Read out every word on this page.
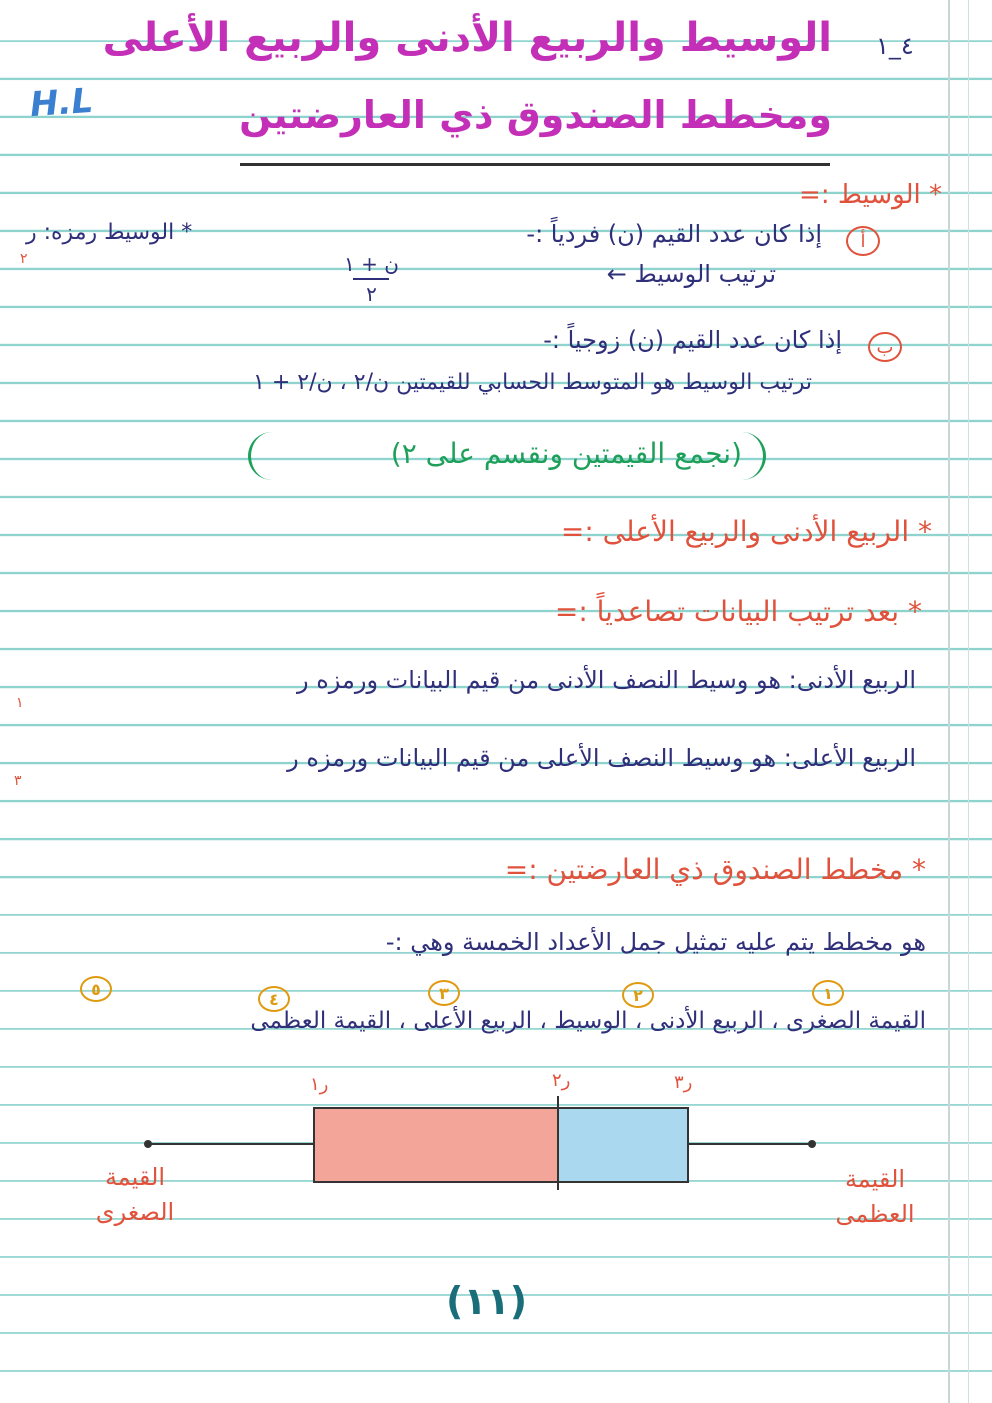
٤_١
H.L
الوسيط والربيع الأدنى والربيع الأعلى
ومخطط الصندوق ذي العارضتين
* الوسيط :=
* الوسيط رمزه: ر
٢
أ
إذا كان عدد القيم (ن) فردياً :-
ترتيب الوسيط ←
ن + ١
٢
ب
إذا كان عدد القيم (ن) زوجياً :-
ترتيب الوسيط هو المتوسط الحسابي للقيمتين ن/٢ ، ن/٢ + ١
(نجمع القيمتين ونقسم على ٢)
* الربيع الأدنى والربيع الأعلى :=
* بعد ترتيب البيانات تصاعدياً :=
الربيع الأدنى: هو وسيط النصف الأدنى من قيم البيانات ورمزه ر
١
الربيع الأعلى: هو وسيط النصف الأعلى من قيم البيانات ورمزه ر
٣
* مخطط الصندوق ذي العارضتين :=
هو مخطط يتم عليه تمثيل جمل الأعداد الخمسة وهي :-
١
٢
٣
٤
٥
القيمة الصغرى ، الربيع الأدنى ، الوسيط ، الربيع الأعلى ، القيمة العظمى
ر١	ر٢	ر٣
القيمة الصغرى
القيمة العظمى
(١١)
